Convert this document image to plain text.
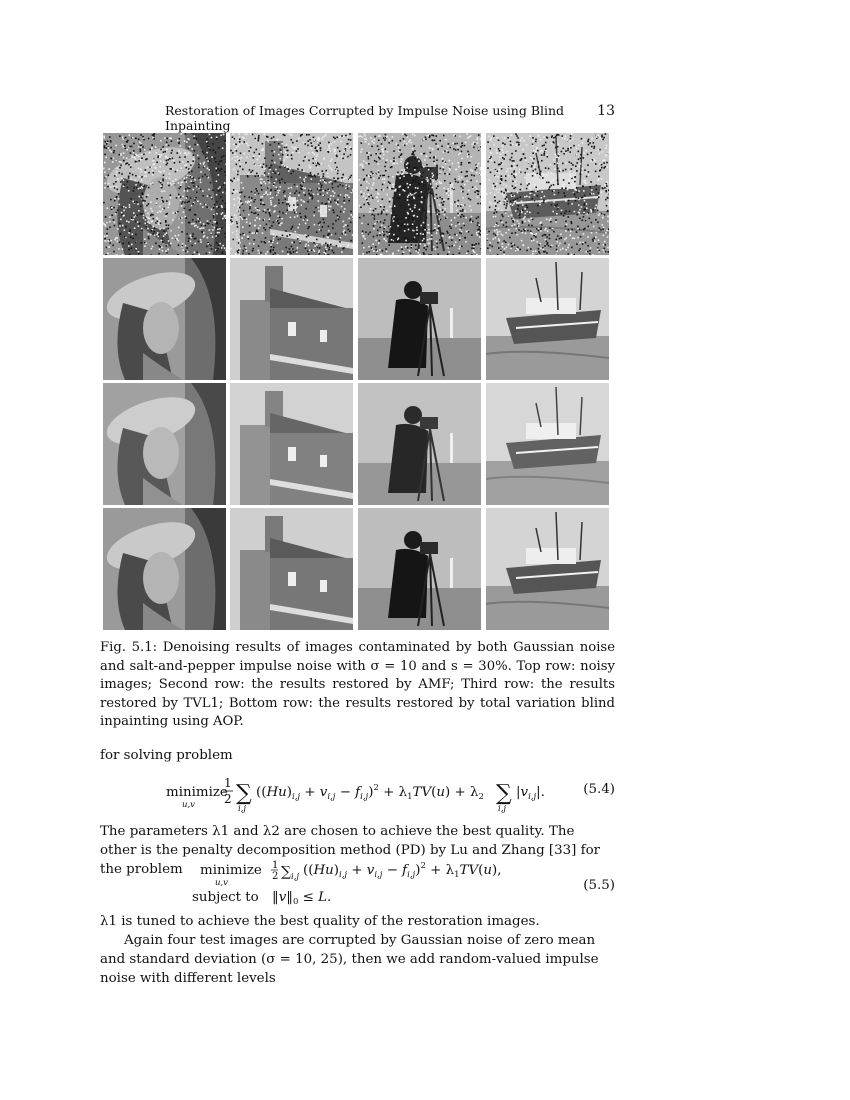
Restoration of Images Corrupted by Impulse Noise using Blind Inpainting
13
Fig. 5.1: Denoising results of images contaminated by both Gaussian noise and salt-and-pepper impulse noise with σ = 10 and s = 30%. Top row: noisy images; Second row: the results restored by AMF; Third row: the results restored by TVL1; Bottom row: the results restored by total variation blind inpainting using AOP.
for solving problem
minimize
u,v
1
2 ∑
i,j
$((Hu)_{i,j} + v_{i,j} - f_{i,j})^2 + \lambda_1TV(u) + \lambda_2$ ∑
i,j
$|v_{i,j}|$.	(5.4)
The parameters λ1 and λ2 are chosen to achieve the best quality. The other is the penalty decomposition method (PD) by Lu and Zhang [33] for the problem	minimize
u,v
1
2 ∑ i,j $((Hu)_{i,j} + v_{i,j} - f_{i,j})^2 + \lambda_1TV(u)$,
subject to $‖v‖_0 \le L$.
(5.5)
λ1 is tuned to achieve the best quality of the restoration images.
Again four test images are corrupted by Gaussian noise of zero mean and standard deviation (σ = 10, 25), then we add random-valued impulse noise with different levels
